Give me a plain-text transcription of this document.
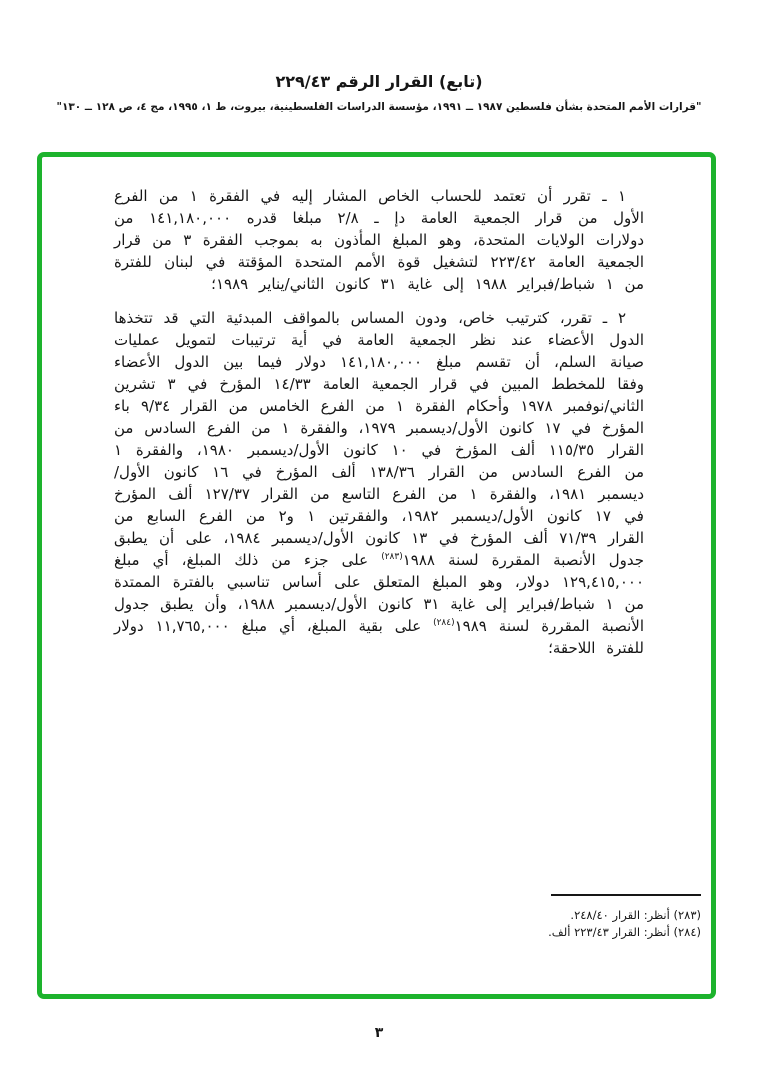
(تابع) القرار الرقم ٢٢٩/٤٣
"قرارات الأمم المتحدة بشأن فلسطين ١٩٨٧ ــ ١٩٩١، مؤسسة الدراسات الفلسطينية، بيروت، ط ١، ١٩٩٥، مج ٤، ص ١٢٨ ــ ١٣٠"

١ ـ تقرر أن تعتمد للحساب الخاص المشار إليه في الفقرة ١ من الفرع الأول من قرار الجمعية العامة دإ ـ ٢/٨ مبلغا قدره ١٤١,١٨٠,٠٠٠ من دولارات الولايات المتحدة، وهو المبلغ المأذون به بموجب الفقرة ٣ من قرار الجمعية العامة ٢٢٣/٤٢ لتشغيل قوة الأمم المتحدة المؤقتة في لبنان للفترة من ١ شباط/فبراير ١٩٨٨ إلى غاية ٣١ كانون الثاني/يناير ١٩٨٩؛

٢ ـ تقرر، كترتيب خاص، ودون المساس بالمواقف المبدئية التي قد تتخذها الدول الأعضاء عند نظر الجمعية العامة في أية ترتيبات لتمويل عمليات صيانة السلم، أن تقسم مبلغ ١٤١,١٨٠,٠٠٠ دولار فيما بين الدول الأعضاء وفقا للمخطط المبين في قرار الجمعية العامة ١٤/٣٣ المؤرخ في ٣ تشرين الثاني/نوفمبر ١٩٧٨ وأحكام الفقرة ١ من الفرع الخامس من القرار ٩/٣٤ باء المؤرخ في ١٧ كانون الأول/ديسمبر ١٩٧٩، والفقرة ١ من الفرع السادس من القرار ١١٥/٣٥ ألف المؤرخ في ١٠ كانون الأول/ديسمبر ١٩٨٠، والفقرة ١ من الفرع السادس من القرار ١٣٨/٣٦ ألف المؤرخ في ١٦ كانون الأول/ديسمبر ١٩٨١، والفقرة ١ من الفرع التاسع من القرار ١٢٧/٣٧ ألف المؤرخ في ١٧ كانون الأول/ديسمبر ١٩٨٢، والفقرتين ١ و٢ من الفرع السابع من القرار ٧١/٣٩ ألف المؤرخ في ١٣ كانون الأول/ديسمبر ١٩٨٤، على أن يطبق جدول الأنصبة المقررة لسنة ١٩٨٨$^{(٢٨٣)}$ على جزء من ذلك المبلغ، أي مبلغ ١٢٩,٤١٥,٠٠٠ دولار، وهو المبلغ المتعلق على أساس تناسبي بالفترة الممتدة من ١ شباط/فبراير إلى غاية ٣١ كانون الأول/ديسمبر ١٩٨٨، وأن يطبق جدول الأنصبة المقررة لسنة ١٩٨٩$^{(٢٨٤)}$ على بقية المبلغ، أي مبلغ ١١,٧٦٥,٠٠٠ دولار للفترة اللاحقة؛

(٢٨٣) أنظر: القرار ٢٤٨/٤٠.
(٢٨٤) أنظر: القرار ٢٢٣/٤٣ ألف.
٣
